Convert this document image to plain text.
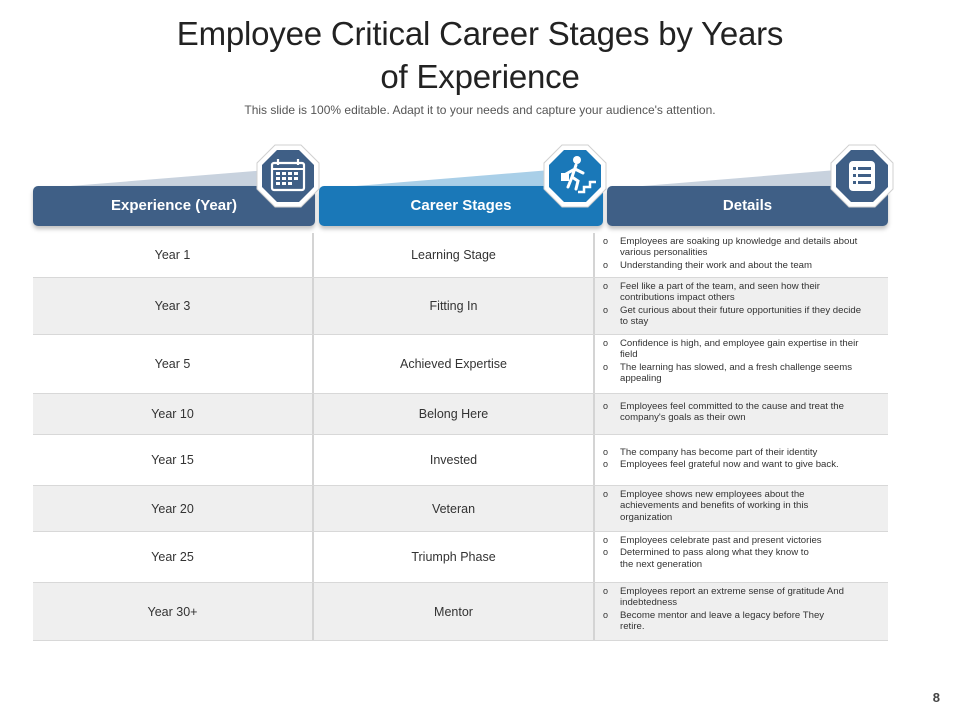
Employee Critical Career Stages by Years
of Experience
This slide is 100% editable. Adapt it to your needs and capture your audience's attention.
Experience (Year)	Career Stages	Details
Year 1	Learning Stage
o	Employees are soaking up knowledge and details about various personalities
o	Understanding their work and about the team
Year 3	Fitting In
o	Feel like a part of the team, and seen how their contributions impact others
o	Get curious about their future opportunities if they decide to stay
Year 5	Achieved Expertise
o	Confidence is high, and employee gain expertise in their field
o	The learning has slowed, and a fresh challenge seems appealing
Year 10	Belong Here
o	Employees feel committed to the cause and treat the company's goals as their own
Year 15	Invested
o	The company has become part of their identity
o	Employees feel grateful now and want to give back.
Year 20	Veteran
o	Employee shows new employees about the achievements and benefits of working in this organization
Year 25	Triumph Phase
o	Employees celebrate past and present victories
o	Determined to pass along what they know to the next generation
Year 30+	Mentor
o	Employees report an extreme sense of gratitude And indebtedness
o	Become mentor and leave a legacy before They retire.
8
